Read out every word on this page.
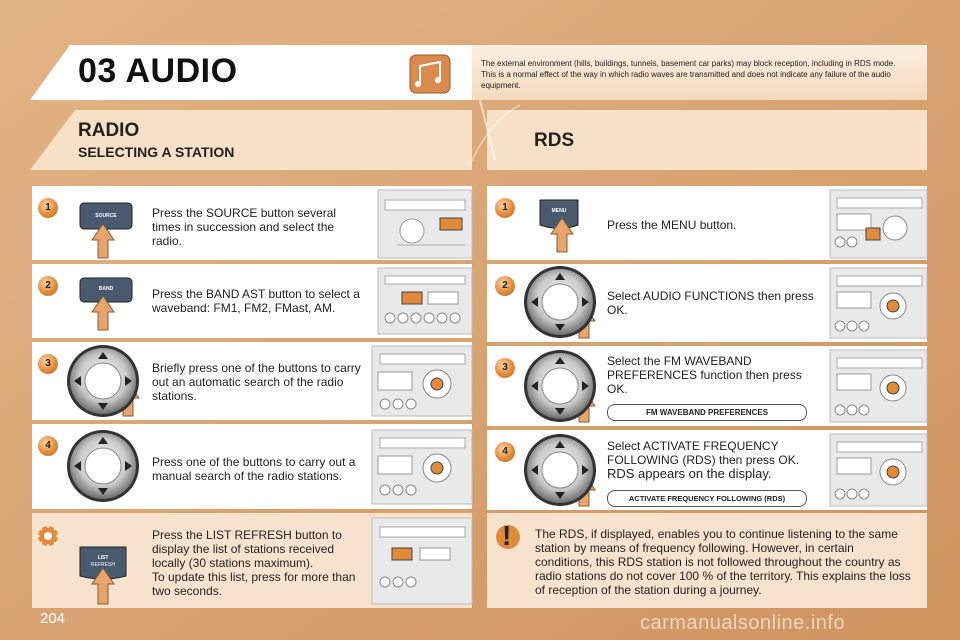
03 AUDIO	The external environment (hills, buildings, tunnels, basement car parks) may block reception, including in RDS mode. This is a normal effect of the way in which radio waves are transmitted and does not indicate any failure of the audio equipment.
RADIO
SELECTING A STATION
RDS
1
2
3
4
1
2
3
4
SOURCE
BAND
MENU
LIST
REFRESH
Press the SOURCE button several times in succession and select the radio.
Press the BAND AST button to select a waveband: FM1, FM2, FMast, AM.
Briefly press one of the buttons to carry out an automatic search of the radio stations.
Press one of the buttons to carry out a manual search of the radio stations.
Press the LIST REFRESH button to display the list of stations received locally (30 stations maximum).
To update this list, press for more than two seconds.
Press the MENU button.
Select AUDIO FUNCTIONS then press OK.
Select the FM WAVEBAND PREFERENCES function then press OK.
FM WAVEBAND PREFERENCES
Select ACTIVATE FREQUENCY FOLLOWING (RDS) then press OK.
RDS appears on the display.
ACTIVATE FREQUENCY FOLLOWING (RDS)
! The RDS, if displayed, enables you to continue listening to the same station by means of frequency following. However, in certain conditions, this RDS station is not followed throughout the country as radio stations do not cover 100 % of the territory. This explains the loss of reception of the station during a journey.
204	carmanualsonline.info
